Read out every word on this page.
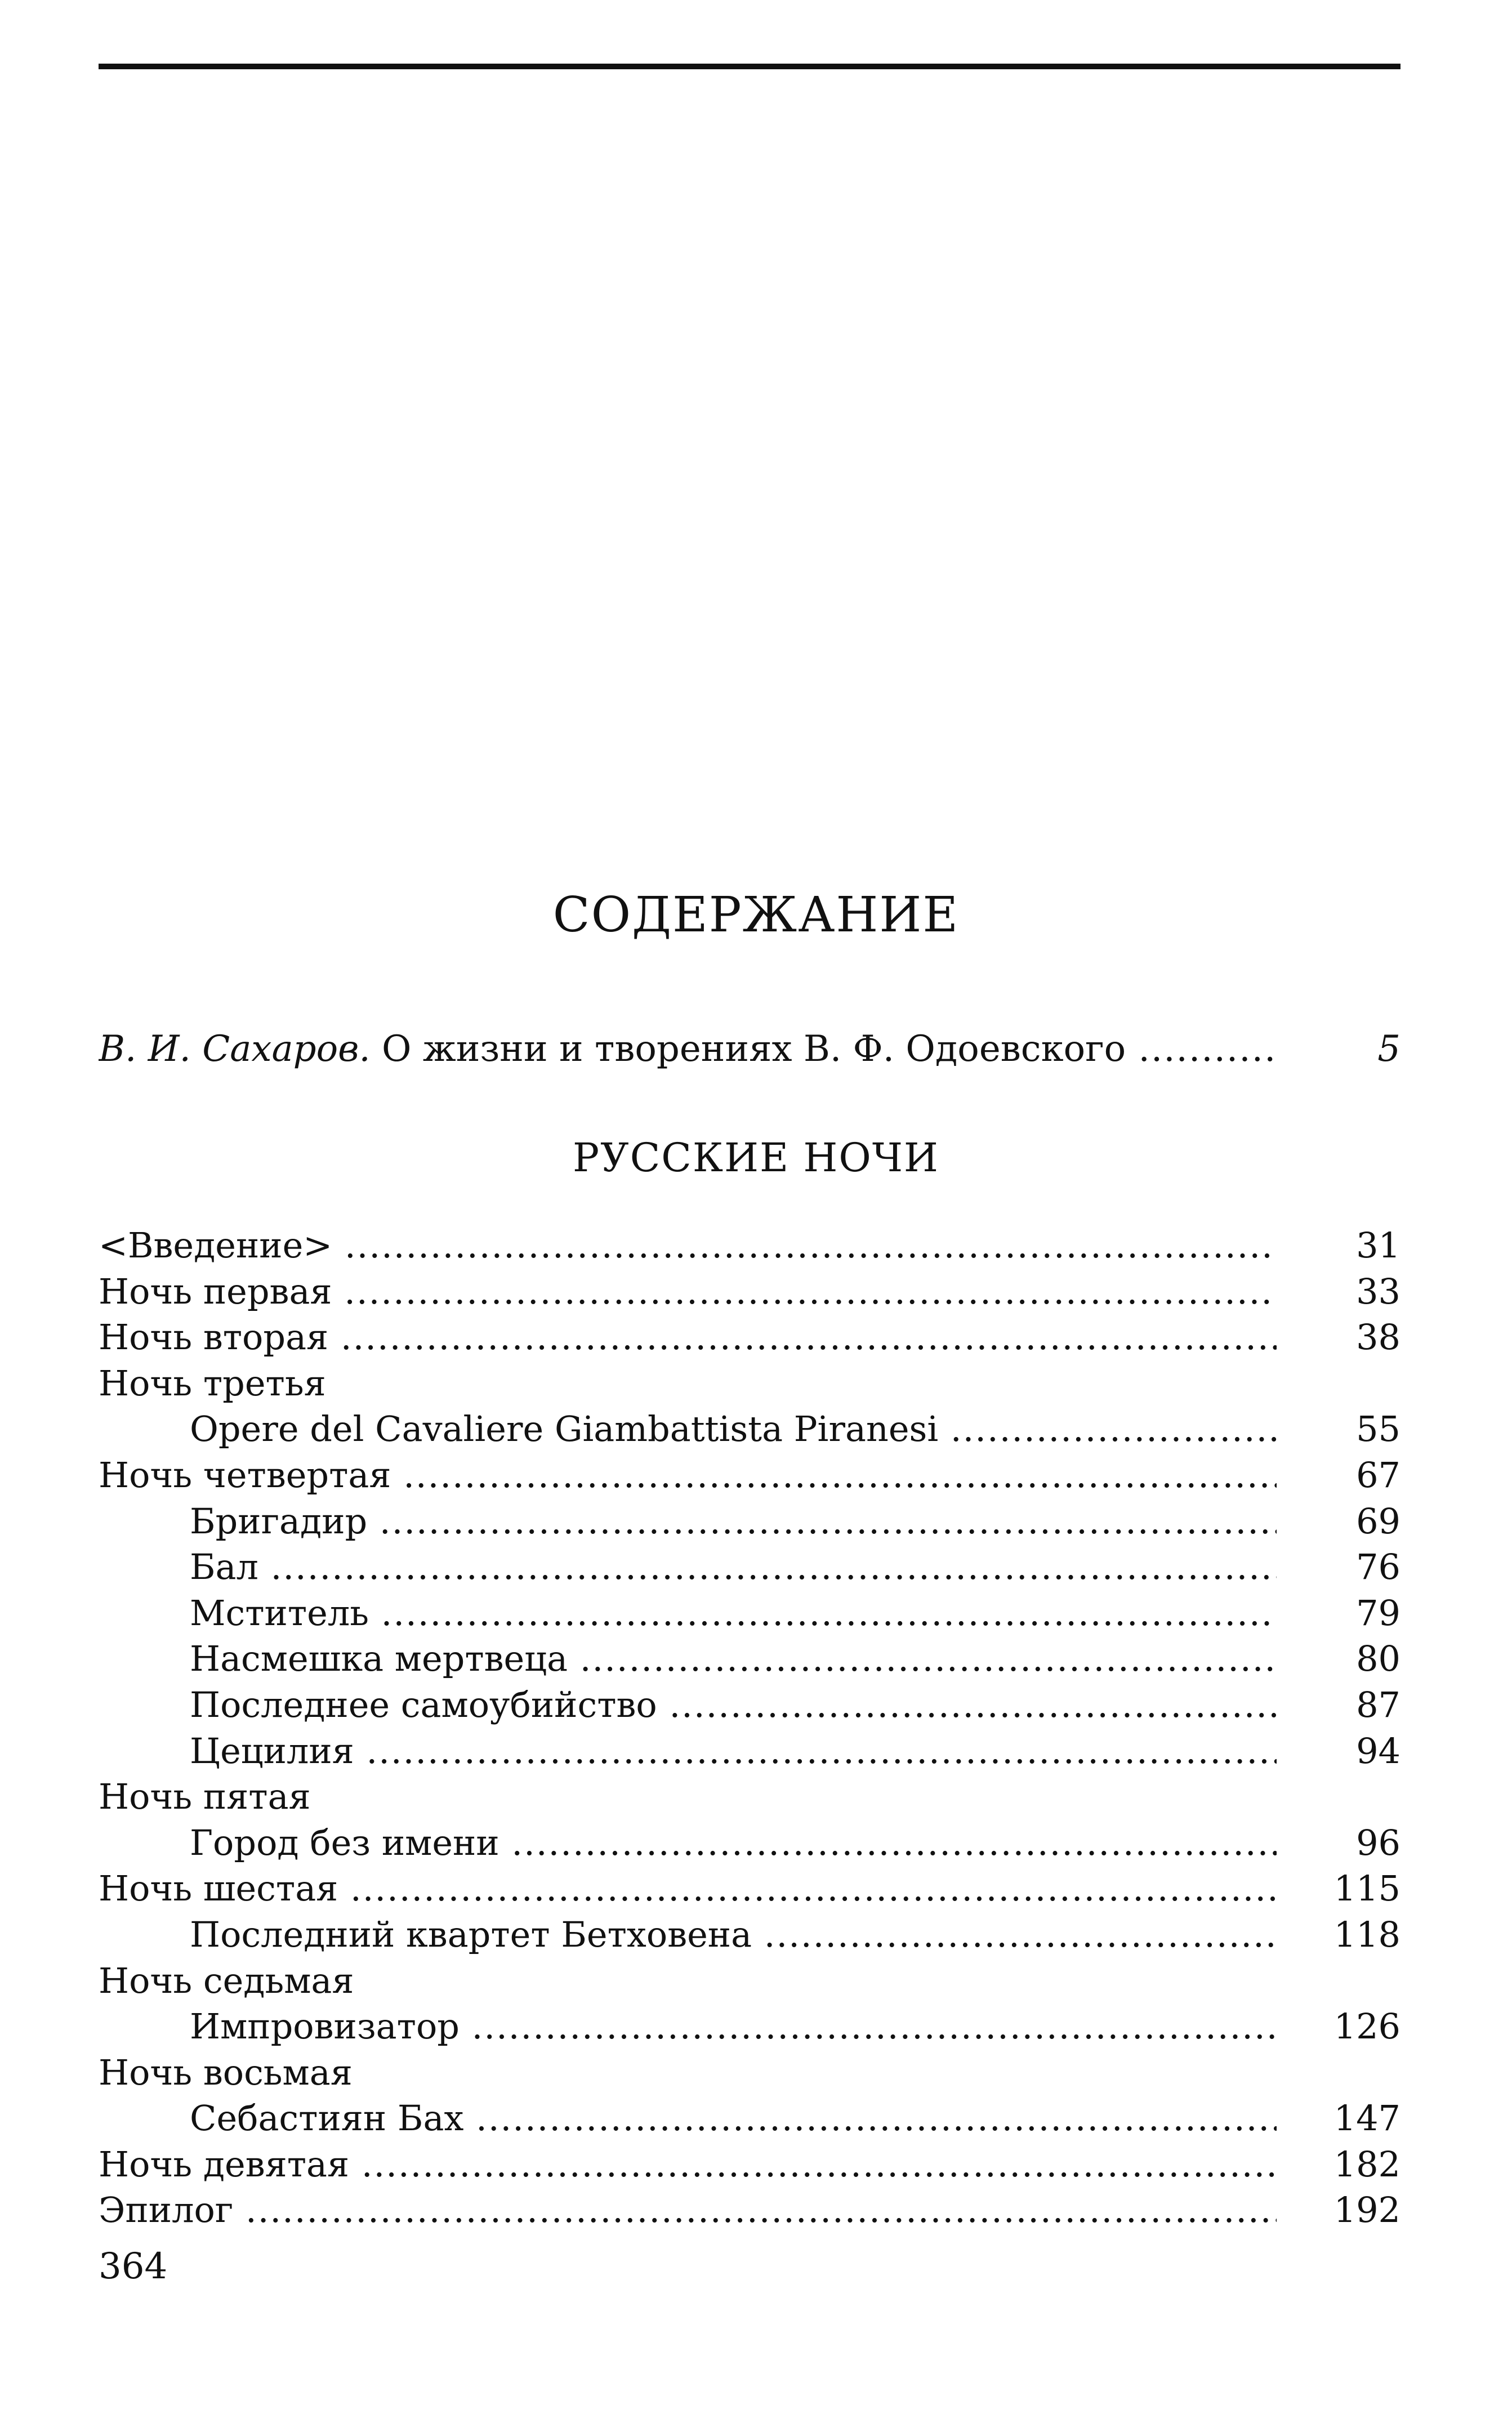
СОДЕРЖАНИЕ
В. И. Сахаров. О жизни и творениях В. Ф. Одоевского .....	5
РУССКИЕ НОЧИ
<Введение> .....	31
Ночь первая .....	33
Ночь вторая .....	38
Ночь третья
Opere del Cavaliere Giambattista Piranesi .....	55
Ночь четвертая .....	67
Бригадир .....	69
Бал .....	76
Мститель .....	79
Насмешка мертвеца .....	80
Последнее самоубийство .....	87
Цецилия .....	94
Ночь пятая
Город без имени .....	96
Ночь шестая .....	115
Последний квартет Бетховена .....	118
Ночь седьмая
Импровизатор .....	126
Ночь восьмая
Себастиян Бах .....	147
Ночь девятая .....	182
Эпилог .....	192
364
